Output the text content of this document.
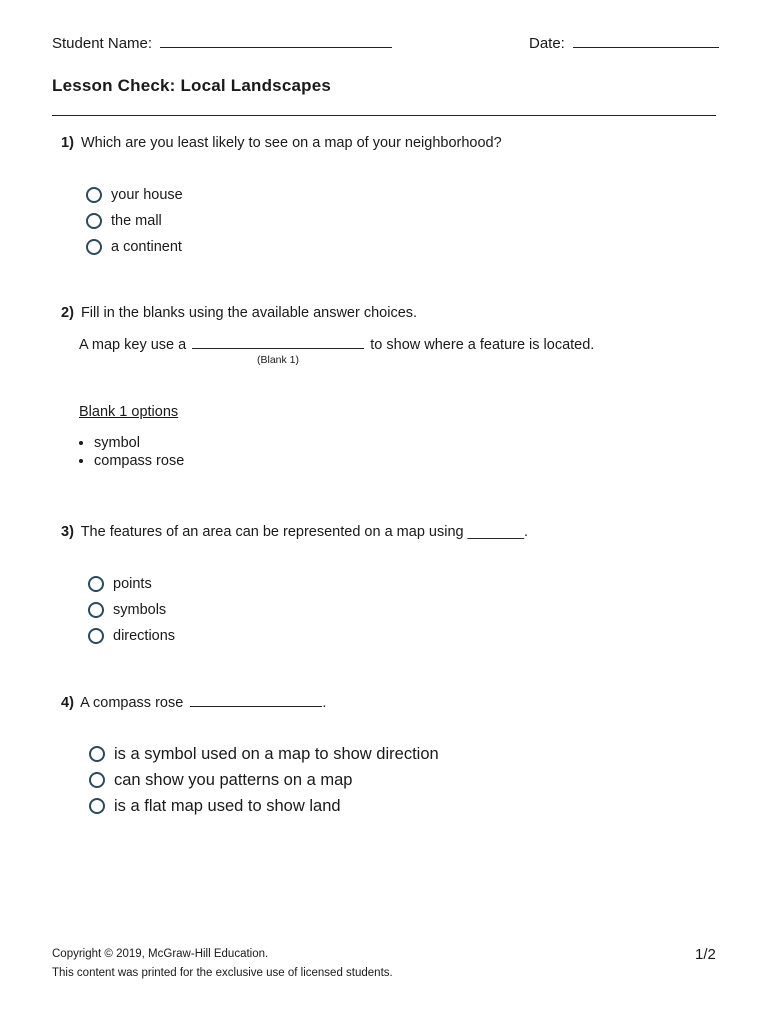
Student Name:	Date:
Lesson Check: Local Landscapes
1) Which are you least likely to see on a map of your neighborhood?
your house
the mall
a continent
2) Fill in the blanks using the available answer choices.
A map key use a	to show where a feature is located.
(Blank 1)
Blank 1 options
• symbol
• compass rose
3) The features of an area can be represented on a map using _______.
points
symbols
directions
4) A compass rose	.
is a symbol used on a map to show direction
can show you patterns on a map
is a flat map used to show land
Copyright © 2019, McGraw-Hill Education.
This content was printed for the exclusive use of licensed students.
1/2
